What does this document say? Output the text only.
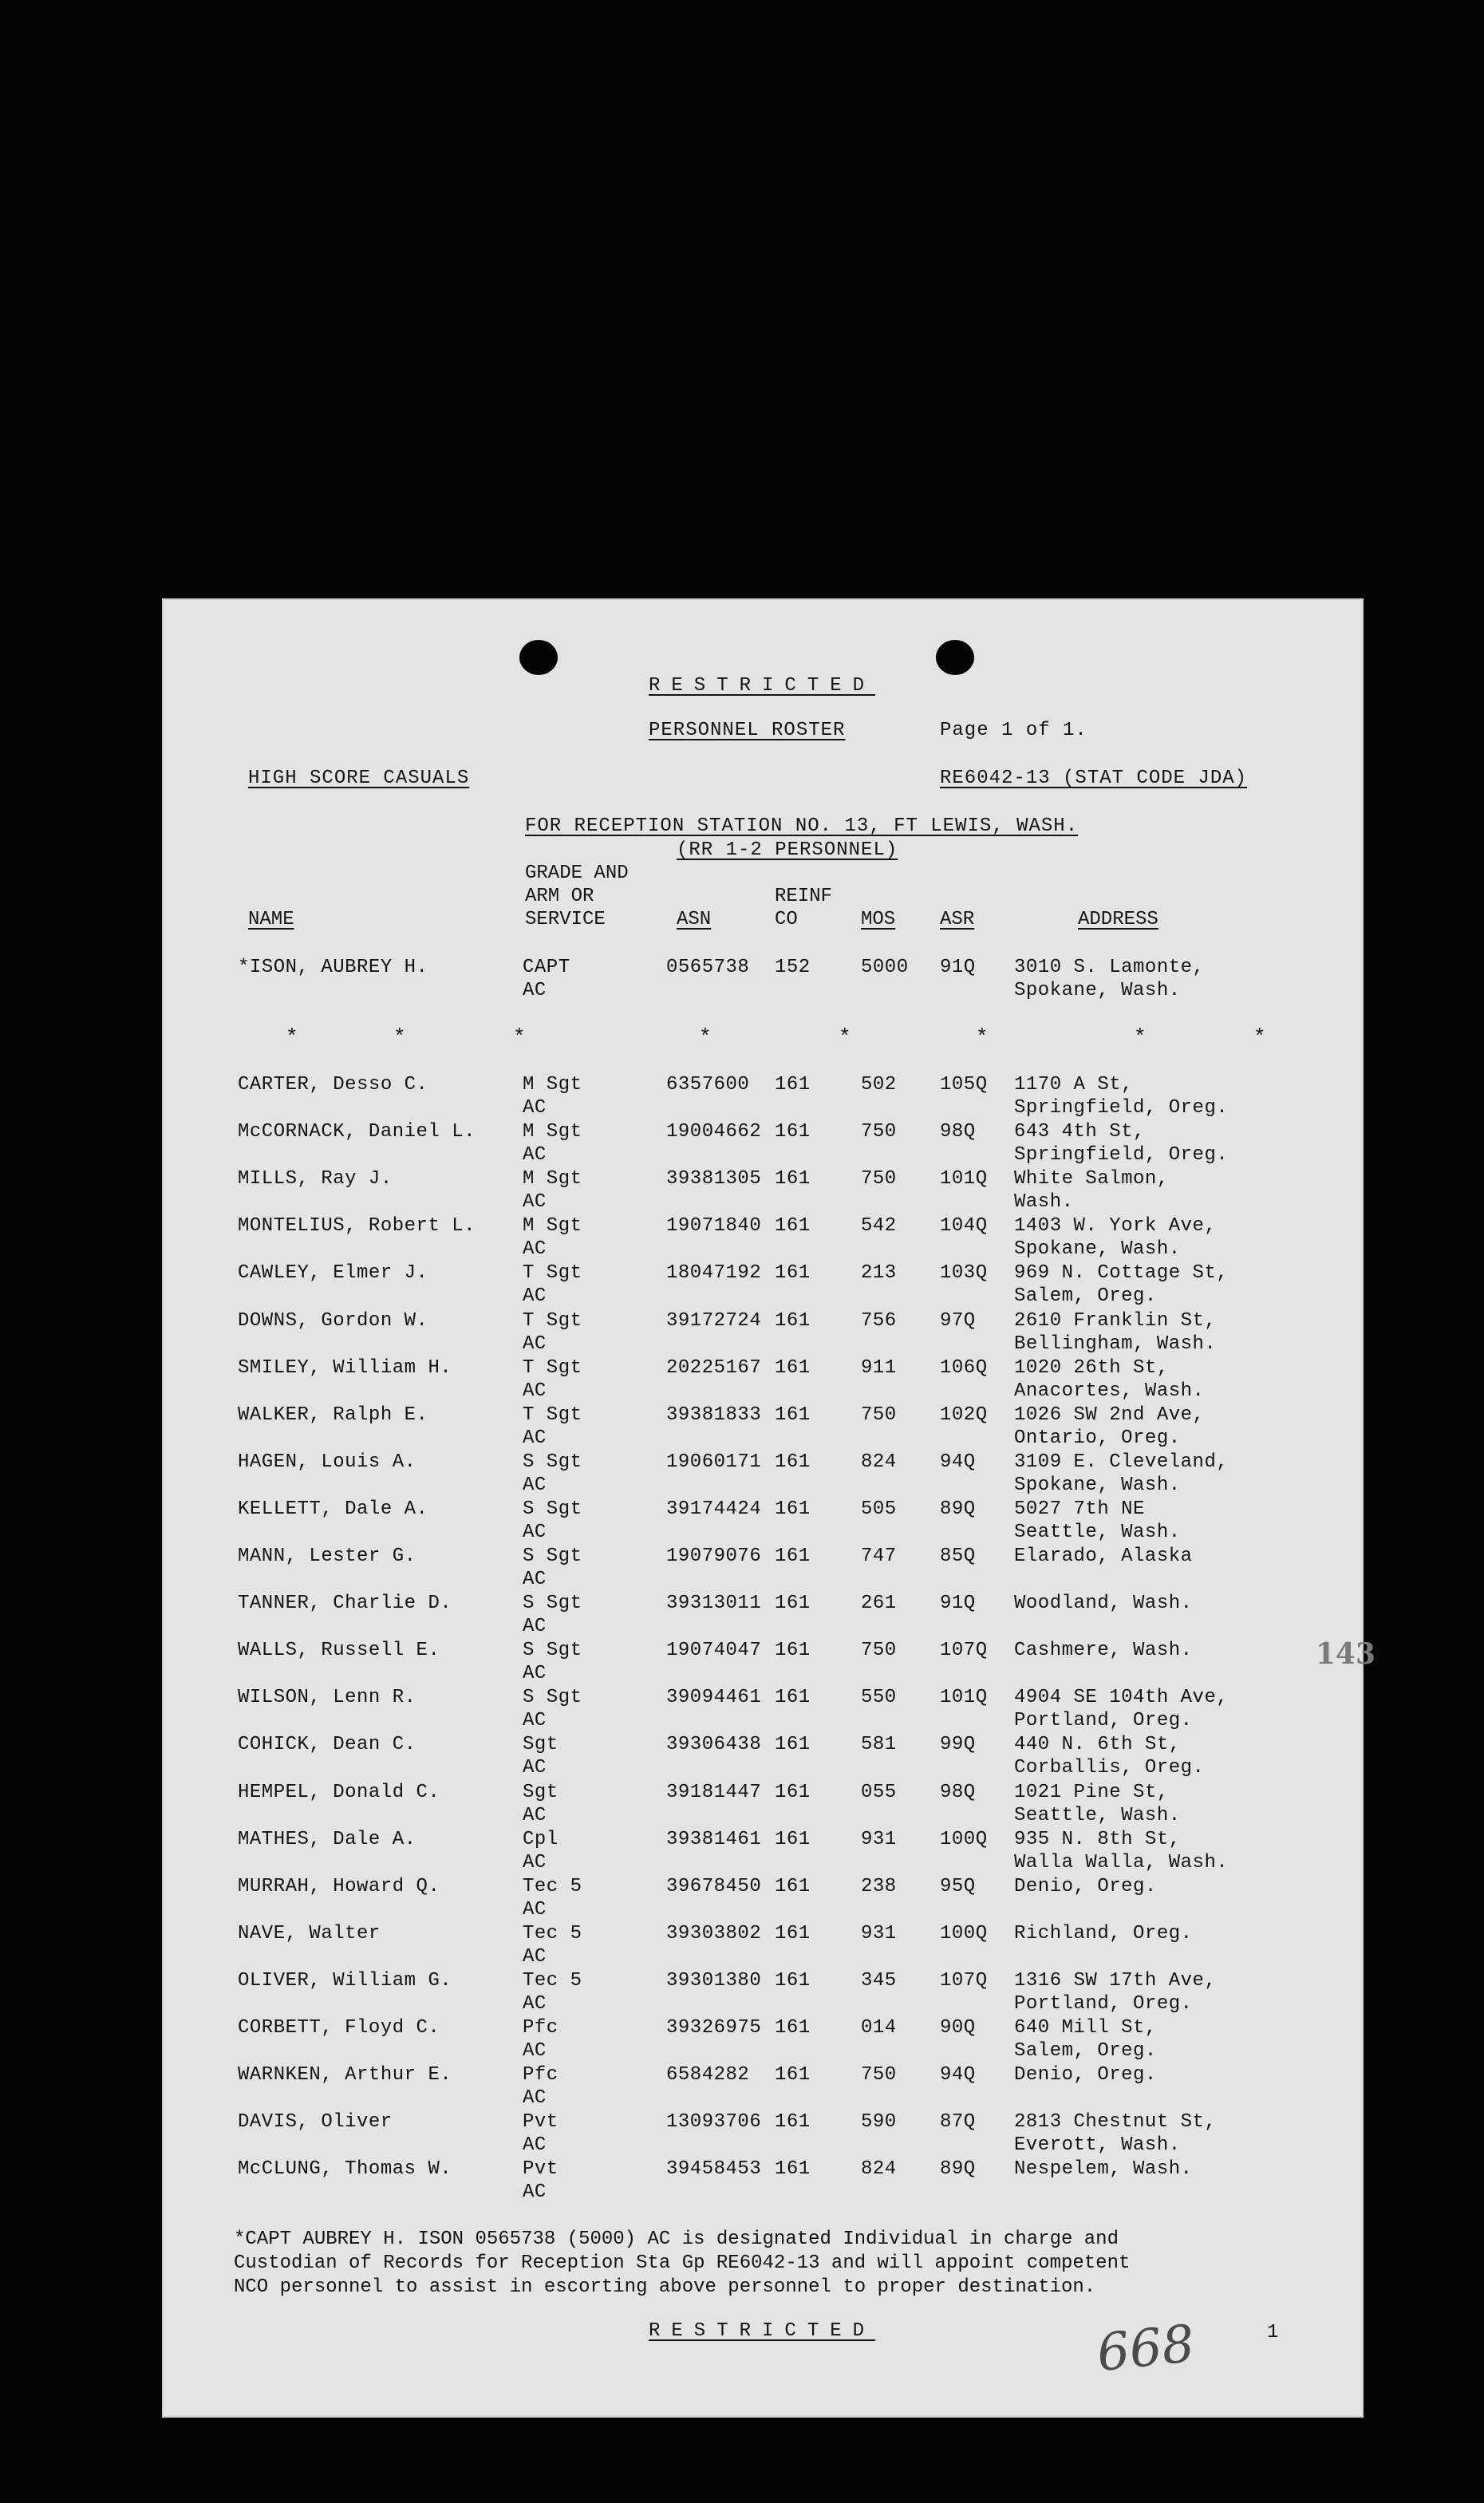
RESTRICTED
PERSONNEL ROSTER	Page 1 of 1.
HIGH SCORE CASUALS	RE6042-13 (STAT CODE JDA)
FOR RECEPTION STATION NO. 13, FT LEWIS, WASH.
(RR 1-2 PERSONNEL)
NAME
GRADE AND
ARM OR
SERVICE	ASN
REINF
CO	MOS ASR	ADDRESS
*ISON, AUBREY H.	CAPT
AC
0565738 152	5000 91Q 3010 S. Lamonte,
Spokane, Wash.
*	*	*	*	*	*	*	*
143
CARTER, Desso C.	M Sgt
AC
6357600 161	502 105Q 1170 A St,
Springfield, Oreg.
McCORNACK, Daniel L. M Sgt
AC
19004662 161	750 98Q 643 4th St,
Springfield, Oreg.
MILLS, Ray J.	M Sgt
AC
39381305 161	750 101Q White Salmon,
Wash.
MONTELIUS, Robert L. M Sgt
AC
19071840 161	542 104Q 1403 W. York Ave,
Spokane, Wash.
CAWLEY, Elmer J.	T Sgt
AC
18047192 161	213 103Q 969 N. Cottage St,
Salem, Oreg.
DOWNS, Gordon W.	T Sgt
AC
39172724 161	756 97Q 2610 Franklin St,
Bellingham, Wash.
SMILEY, William H.	T Sgt
AC
20225167 161	911 106Q 1020 26th St,
Anacortes, Wash.
WALKER, Ralph E.	T Sgt
AC
39381833 161	750 102Q 1026 SW 2nd Ave,
Ontario, Oreg.
HAGEN, Louis A.	S Sgt
AC
19060171 161	824 94Q 3109 E. Cleveland,
Spokane, Wash.
KELLETT, Dale A.	S Sgt
AC
39174424 161	505 89Q 5027 7th NE
Seattle, Wash.
MANN, Lester G.	S Sgt
AC
19079076 161	747 85Q Elarado, Alaska
TANNER, Charlie D.	S Sgt
AC
39313011 161	261 91Q Woodland, Wash.
WALLS, Russell E.	S Sgt
AC
19074047 161	750 107Q Cashmere, Wash.
WILSON, Lenn R.	S Sgt
AC
39094461 161	550 101Q 4904 SE 104th Ave,
Portland, Oreg.
COHICK, Dean C.	Sgt
AC
39306438 161	581 99Q 440 N. 6th St,
Corballis, Oreg.
HEMPEL, Donald C.	Sgt
AC
39181447 161	055 98Q 1021 Pine St,
Seattle, Wash.
MATHES, Dale A.	Cpl
AC
39381461 161	931 100Q 935 N. 8th St,
Walla Walla, Wash.
MURRAH, Howard Q.	Tec 5
AC
39678450 161	238 95Q Denio, Oreg.
NAVE, Walter	Tec 5
AC
39303802 161	931 100Q Richland, Oreg.
OLIVER, William G.	Tec 5
AC
39301380 161	345 107Q 1316 SW 17th Ave,
Portland, Oreg.
CORBETT, Floyd C.	Pfc
AC
39326975 161	014 90Q 640 Mill St,
Salem, Oreg.
WARNKEN, Arthur E.	Pfc
AC
6584282 161	750 94Q Denio, Oreg.
DAVIS, Oliver	Pvt
AC
13093706 161	590 87Q 2813 Chestnut St,
Everott, Wash.
McCLUNG, Thomas W.	Pvt
AC
39458453 161	824 89Q Nespelem, Wash.
*CAPT AUBREY H. ISON 0565738 (5000) AC is designated Individual in charge and
Custodian of Records for Reception Sta Gp RE6042-13 and will appoint competent
NCO personnel to assist in escorting above personnel to proper destination.
RESTRICTED	668	1
